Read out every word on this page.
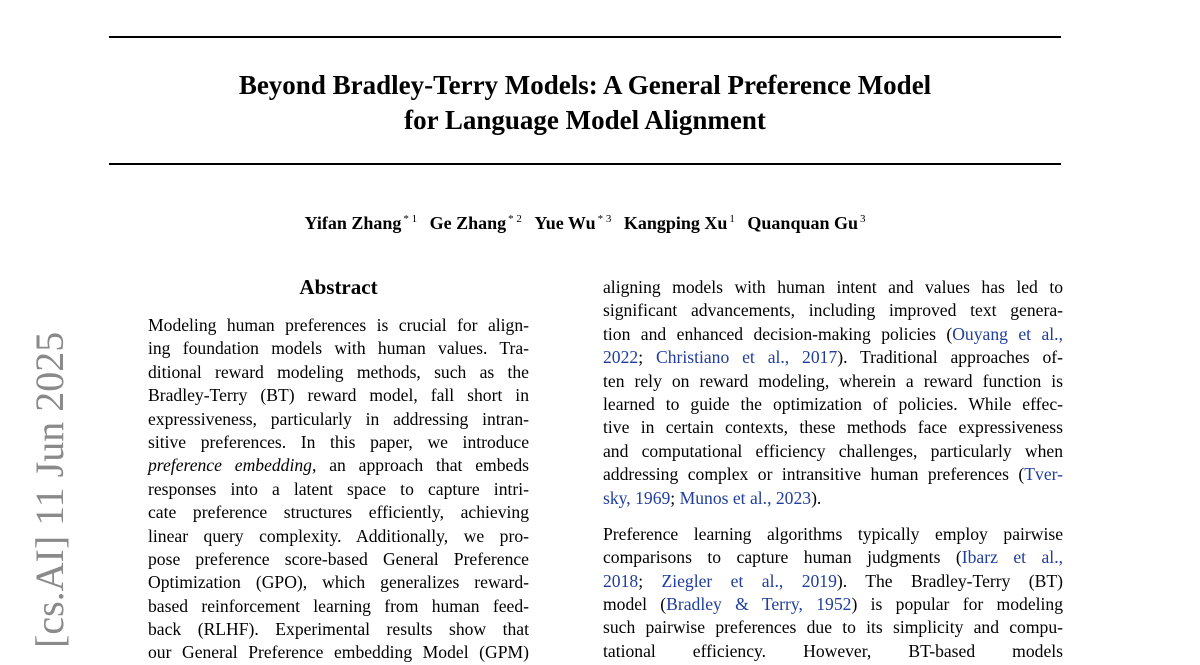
[cs.AI] 11 Jun 2025
Beyond Bradley-Terry Models: A General Preference Model
for Language Model Alignment
Yifan Zhang $^{* 1}$ Ge Zhang $^{* 2}$ Yue Wu $^{* 3}$ Kangping Xu $^1$ Quanquan Gu $^3$
Abstract
Modeling human preferences is crucial for align-
ing foundation models with human values. Tra-
ditional reward modeling methods, such as the
Bradley-Terry (BT) reward model, fall short in
expressiveness, particularly in addressing intran-
sitive preferences. In this paper, we introduce
preference embedding, an approach that embeds
responses into a latent space to capture intri-
cate preference structures efficiently, achieving
linear query complexity. Additionally, we pro-
pose preference score-based General Preference
Optimization (GPO), which generalizes reward-
based reinforcement learning from human feed-
back (RLHF). Experimental results show that
our General Preference embedding Model (GPM)
aligning models with human intent and values has led to
significant advancements, including improved text genera-
tion and enhanced decision-making policies (Ouyang et al.,
2022; Christiano et al., 2017). Traditional approaches of-
ten rely on reward modeling, wherein a reward function is
learned to guide the optimization of policies. While effec-
tive in certain contexts, these methods face expressiveness
and computational efficiency challenges, particularly when
addressing complex or intransitive human preferences (Tver-
sky, 1969; Munos et al., 2023).
Preference learning algorithms typically employ pairwise
comparisons to capture human judgments (Ibarz et al.,
2018; Ziegler et al., 2019). The Bradley-Terry (BT)
model (Bradley & Terry, 1952) is popular for modeling
such pairwise preferences due to its simplicity and compu-
tational efficiency. However, BT-based models
